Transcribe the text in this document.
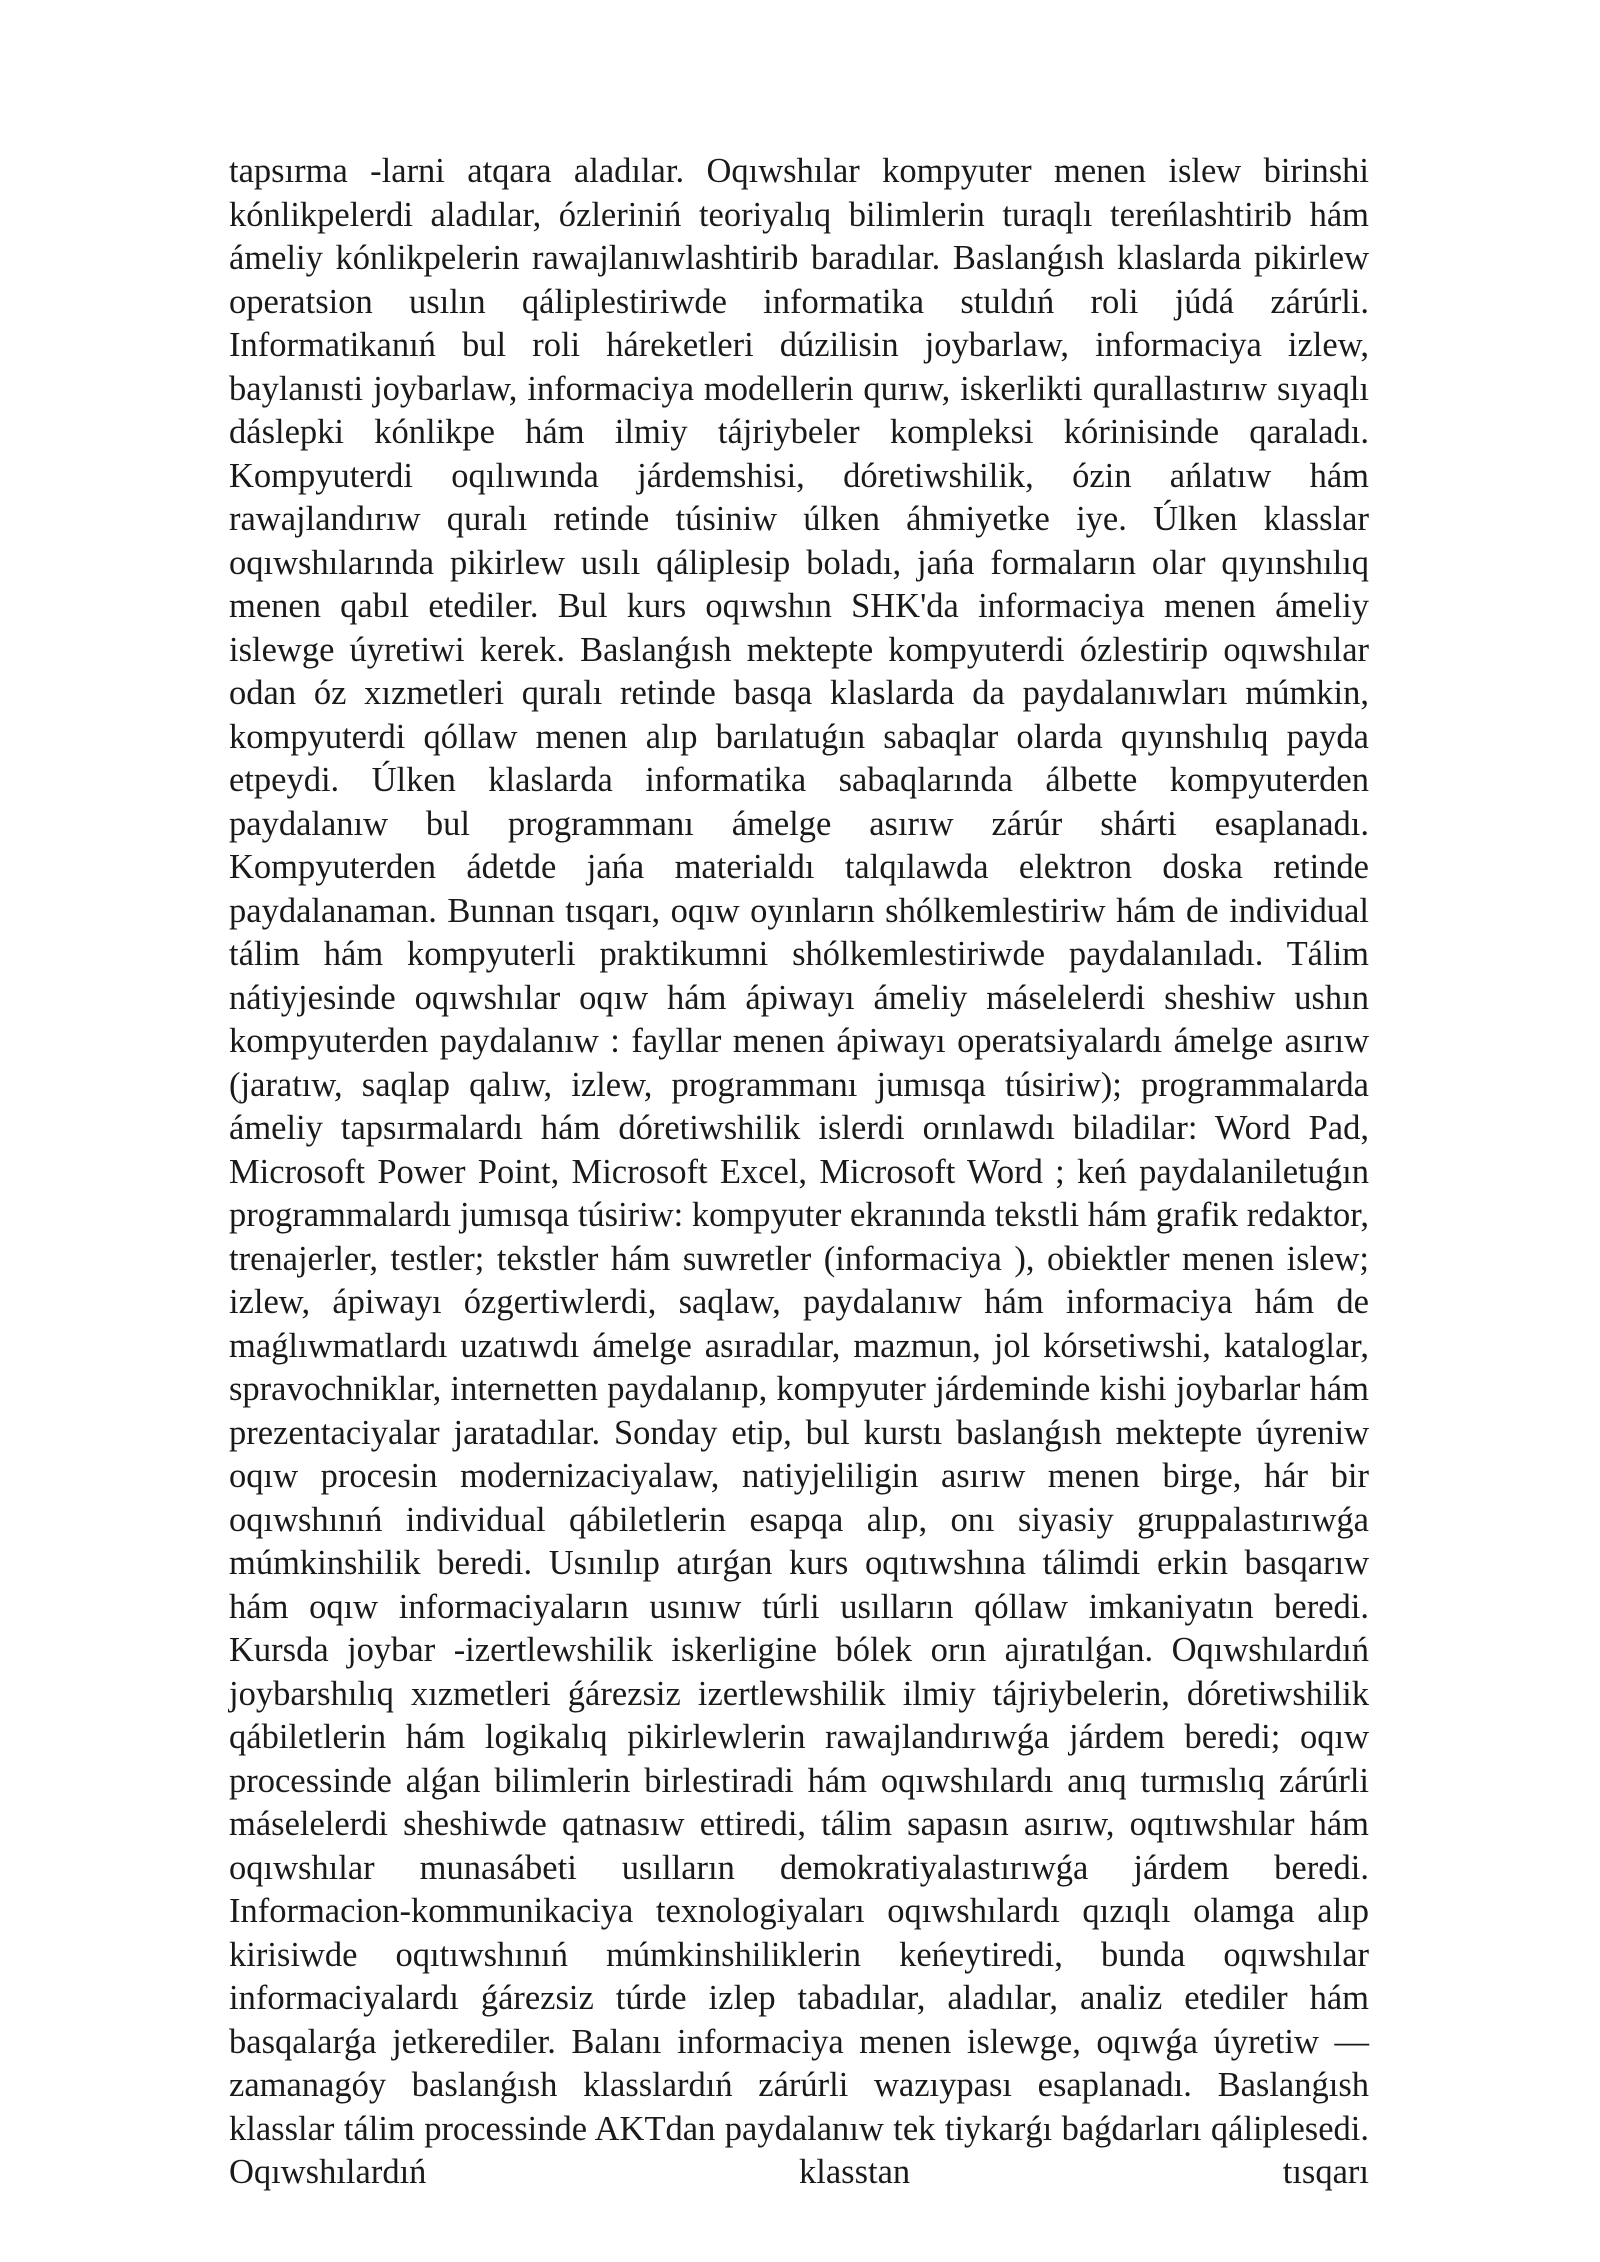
tapsırma -larni atqara aladılar. Oqıwshılar kompyuter menen islew birinshi kónlikpelerdi aladılar, ózleriniń teoriyalıq bilimlerin turaqlı tereńlashtirib hám ámeliy kónlikpelerin rawajlanıwlashtirib baradılar. Baslanǵısh klaslarda pikirlew operatsion usılın qáliplestiriwde informatika stuldıń roli júdá zárúrli. Informatikanıń bul roli háreketleri dúzilisin joybarlaw, informaciya izlew, baylanısti joybarlaw, informaciya modellerin qurıw, iskerlikti qurallastırıw sıyaqlı dáslepki kónlikpe hám ilmiy tájriybeler kompleksi kórinisinde qaraladı. Kompyuterdi oqılıwında járdemshisi, dóretiwshilik, ózin ańlatıw hám rawajlandırıw quralı retinde túsiniw úlken áhmiyetke iye. Úlken klasslar oqıwshılarında pikirlew usılı qáliplesip boladı, jańa formaların olar qıyınshılıq menen qabıl etediler. Bul kurs oqıwshın SHK'da informaciya menen ámeliy islewge úyretiwi kerek. Baslanǵısh mektepte kompyuterdi ózlestirip oqıwshılar odan óz xızmetleri quralı retinde basqa klaslarda da paydalanıwları múmkin, kompyuterdi qóllaw menen alıp barılatuǵın sabaqlar olarda qıyınshılıq payda etpeydi. Úlken klaslarda informatika sabaqlarında álbette kompyuterden paydalanıw bul programmanı ámelge asırıw zárúr shárti esaplanadı. Kompyuterden ádetde jańa materialdı talqılawda elektron doska retinde paydalanaman. Bunnan tısqarı, oqıw oyınların shólkemlestiriw hám de individual tálim hám kompyuterli praktikumni shólkemlestiriwde paydalanıladı. Tálim nátiyjesinde oqıwshılar oqıw hám ápiwayı ámeliy máselelerdi sheshiw ushın kompyuterden paydalanıw : fayllar menen ápiwayı operatsiyalardı ámelge asırıw (jaratıw, saqlap qalıw, izlew, programmanı jumısqa túsiriw); programmalarda ámeliy tapsırmalardı hám dóretiwshilik islerdi orınlawdı biladilar: Word Pad, Microsoft Power Point, Microsoft Excel, Microsoft Word ; keń paydalaniletuǵın programmalardı jumısqa túsiriw: kompyuter ekranında tekstli hám grafik redaktor, trenajerler, testler; tekstler hám suwretler (informaciya ), obiektler menen islew; izlew, ápiwayı ózgertiwlerdi, saqlaw, paydalanıw hám informaciya hám de maǵlıwmatlardı uzatıwdı ámelge asıradılar, mazmun, jol kórsetiwshi, kataloglar, spravochniklar, internetten paydalanıp, kompyuter járdeminde kishi joybarlar hám prezentaciyalar jaratadılar. Sonday etip, bul kurstı baslanǵısh mektepte úyreniw oqıw procesin modernizaciyalaw, natiyjeliligin asırıw menen birge, hár bir oqıwshınıń individual qábiletlerin esapqa alıp, onı siyasiy gruppalastırıwǵa múmkinshilik beredi. Usınılıp atırǵan kurs oqıtıwshına tálimdi erkin basqarıw hám oqıw informaciyaların usınıw túrli usılların qóllaw imkaniyatın beredi. Kursda joybar -izertlewshilik iskerligine bólek orın ajıratılǵan. Oqıwshılardıń joybarshılıq xızmetleri ǵárezsiz izertlewshilik ilmiy tájriybelerin, dóretiwshilik qábiletlerin hám logikalıq pikirlewlerin rawajlandırıwǵa járdem beredi; oqıw processinde alǵan bilimlerin birlestiradi hám oqıwshılardı anıq turmıslıq zárúrli máselelerdi sheshiwde qatnasıw ettiredi, tálim sapasın asırıw, oqıtıwshılar hám oqıwshılar munasábeti usılların demokratiyalastırıwǵa járdem beredi. Informacion-kommunikaciya texnologiyaları oqıwshılardı qızıqlı olamga alıp kirisiwde oqıtıwshınıń múmkinshiliklerin keńeytiredi, bunda oqıwshılar informaciyalardı ǵárezsiz túrde izlep tabadılar, aladılar, analiz etediler hám basqalarǵa jetkerediler. Balanı informaciya menen islewge, oqıwǵa úyretiw — zamanagóy baslanǵısh klasslardıń zárúrli wazıypası esaplanadı. Baslanǵısh klasslar tálim processinde AKTdan paydalanıw tek tiykarǵı baǵdarları qáliplesedi. Oqıwshılardıń klasstan tısqarı
